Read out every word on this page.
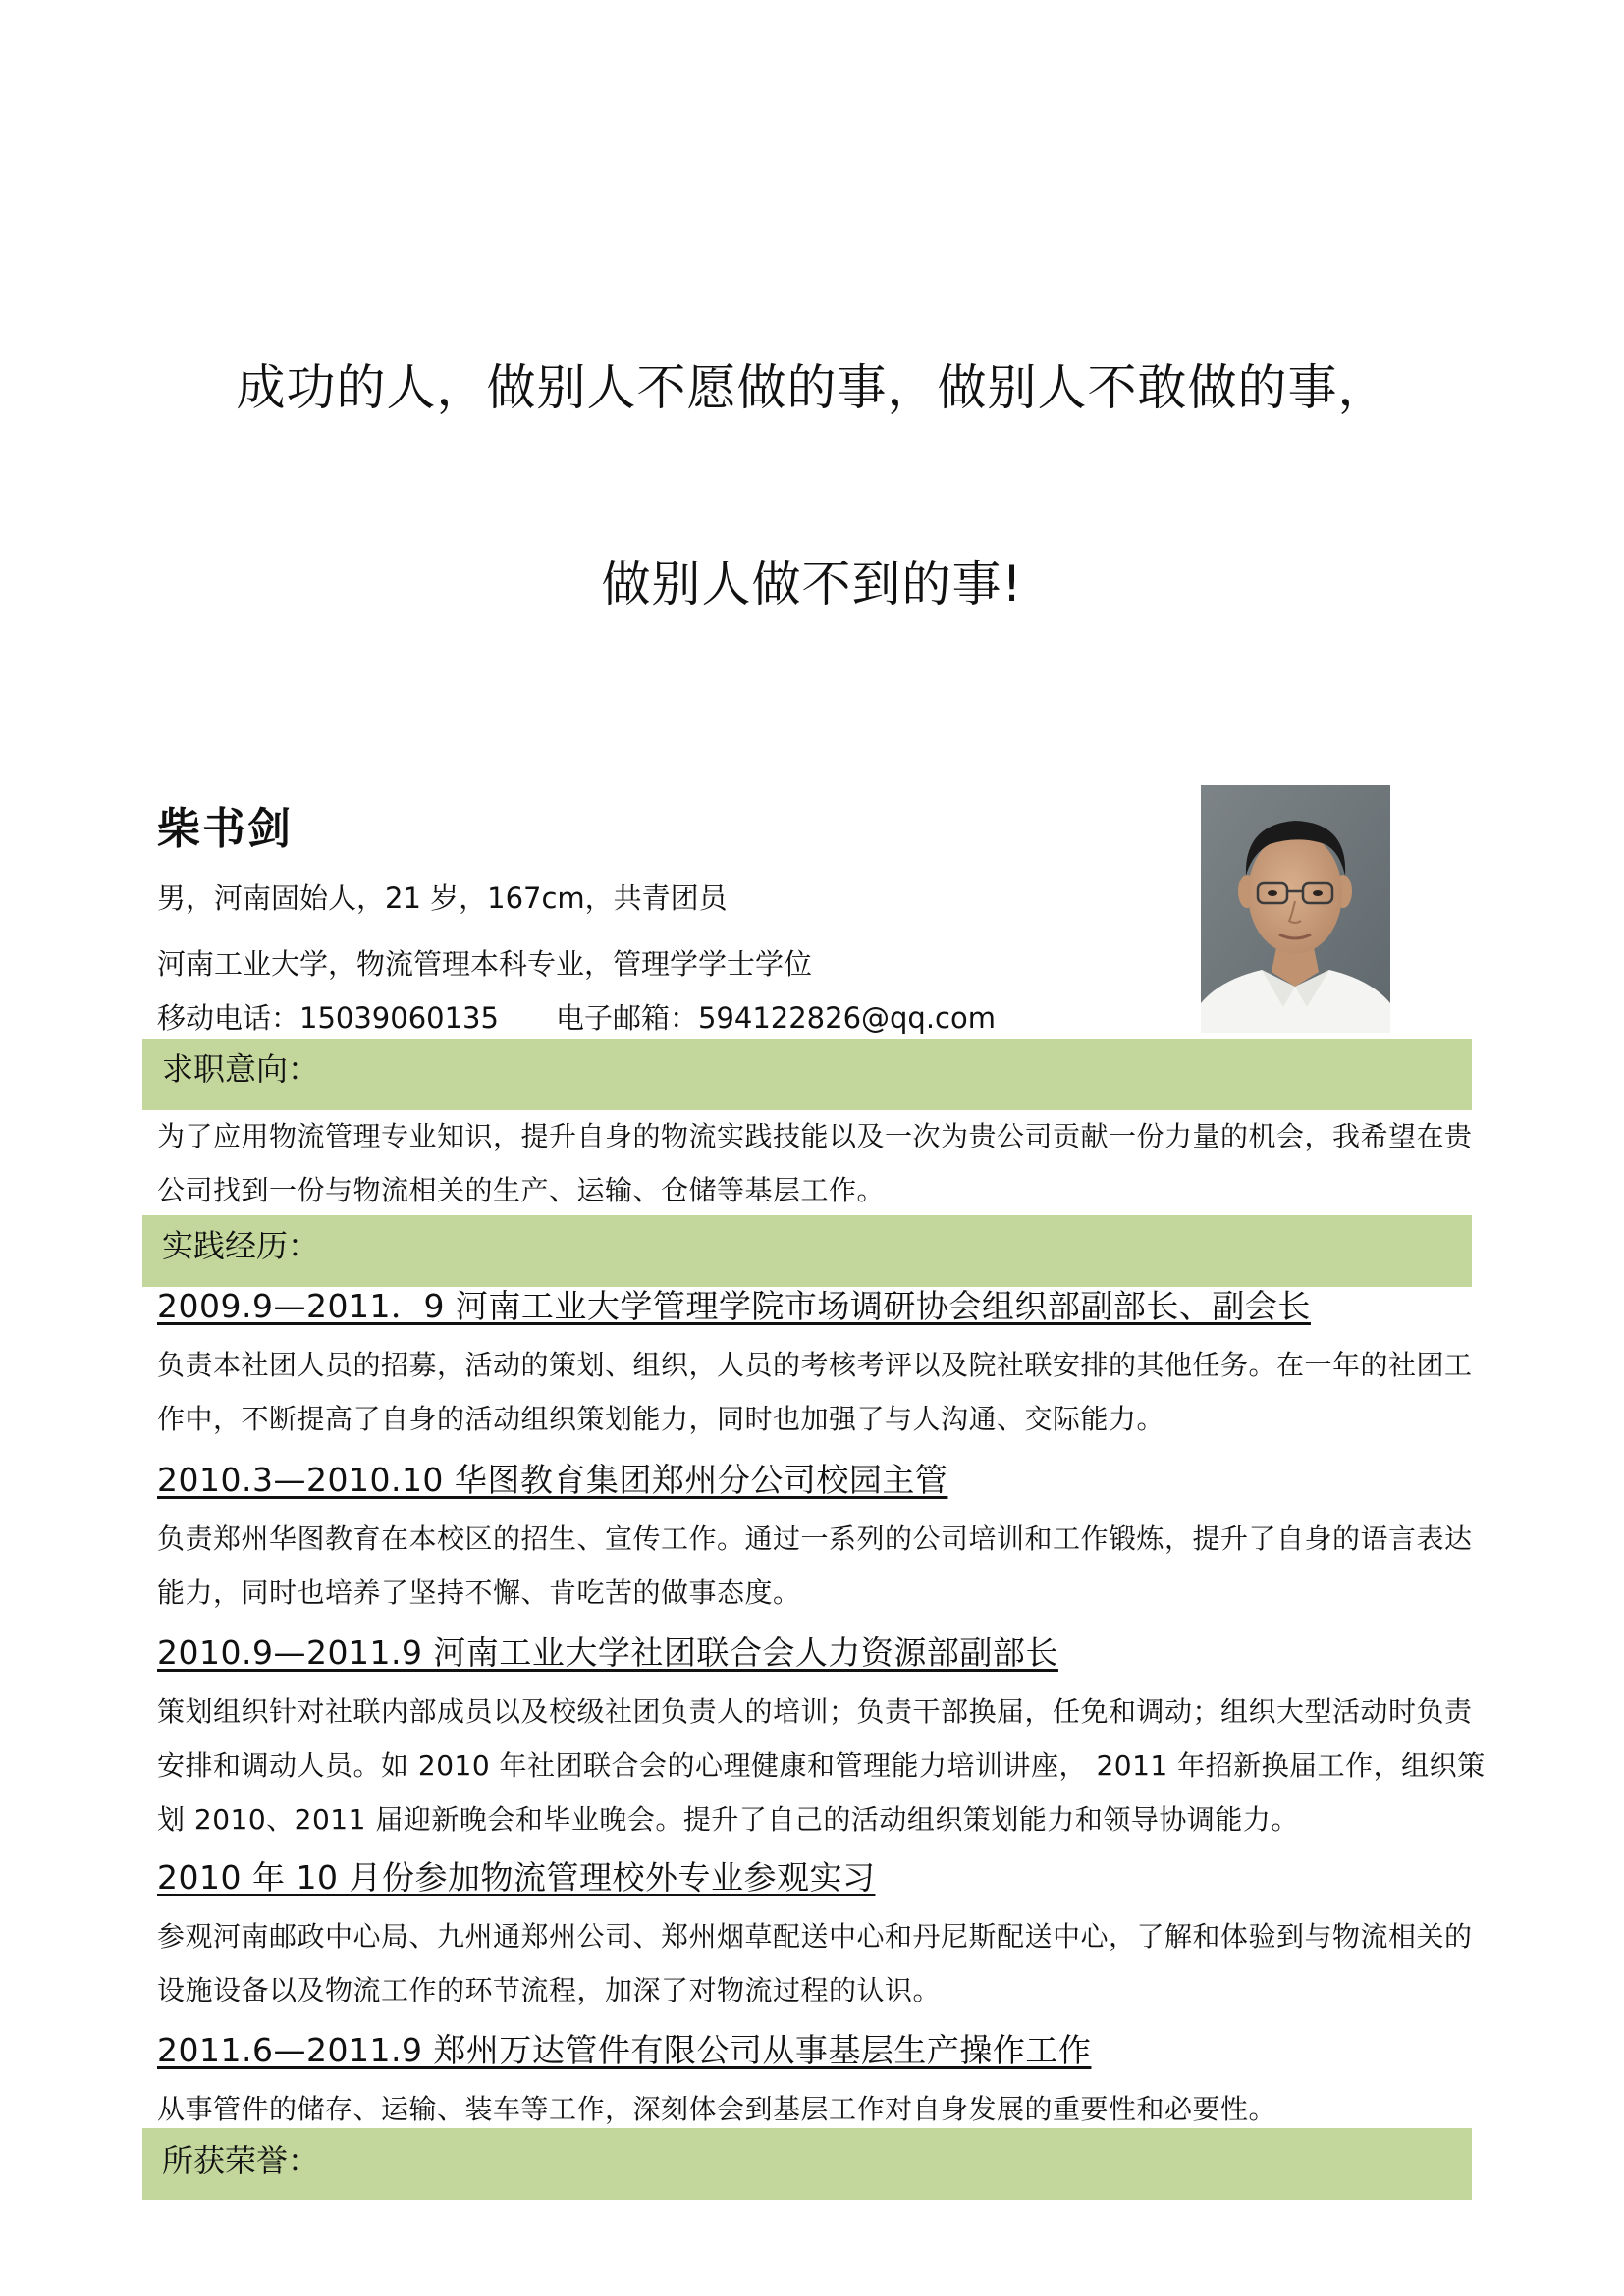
成功的人，做别人不愿做的事，做别人不敢做的事，
做别人做不到的事!
柴书剑
男，河南固始人，21 岁，167cm，共青团员
河南工业大学，物流管理本科专业，管理学学士学位
移动电话：15039060135 电子邮箱：594122826@qq.com
求职意向：
为了应用物流管理专业知识，提升自身的物流实践技能以及一次为贵公司贡献一份力量的机会，我希望在贵公司找到一份与物流相关的生产、运输、仓储等基层工作。
实践经历：
2009.9—2011．9 河南工业大学管理学院市场调研协会组织部副部长、副会长
负责本社团人员的招募，活动的策划、组织，人员的考核考评以及院社联安排的其他任务。在一年的社团工作中，不断提高了自身的活动组织策划能力，同时也加强了与人沟通、交际能力。
2010.3—2010.10 华图教育集团郑州分公司校园主管
负责郑州华图教育在本校区的招生、宣传工作。通过一系列的公司培训和工作锻炼，提升了自身的语言表达能力，同时也培养了坚持不懈、肯吃苦的做事态度。
2010.9—2011.9 河南工业大学社团联合会人力资源部副部长
策划组织针对社联内部成员以及校级社团负责人的培训；负责干部换届，任免和调动；组织大型活动时负责安排和调动人员。如 2010 年社团联合会的心理健康和管理能力培训讲座， 2011 年招新换届工作，组织策划 2010、2011 届迎新晚会和毕业晚会。提升了自己的活动组织策划能力和领导协调能力。
2010 年 10 月份参加物流管理校外专业参观实习
参观河南邮政中心局、九州通郑州公司、郑州烟草配送中心和丹尼斯配送中心，了解和体验到与物流相关的设施设备以及物流工作的环节流程，加深了对物流过程的认识。
2011.6—2011.9 郑州万达管件有限公司从事基层生产操作工作
从事管件的储存、运输、装车等工作，深刻体会到基层工作对自身发展的重要性和必要性。
所获荣誉：
